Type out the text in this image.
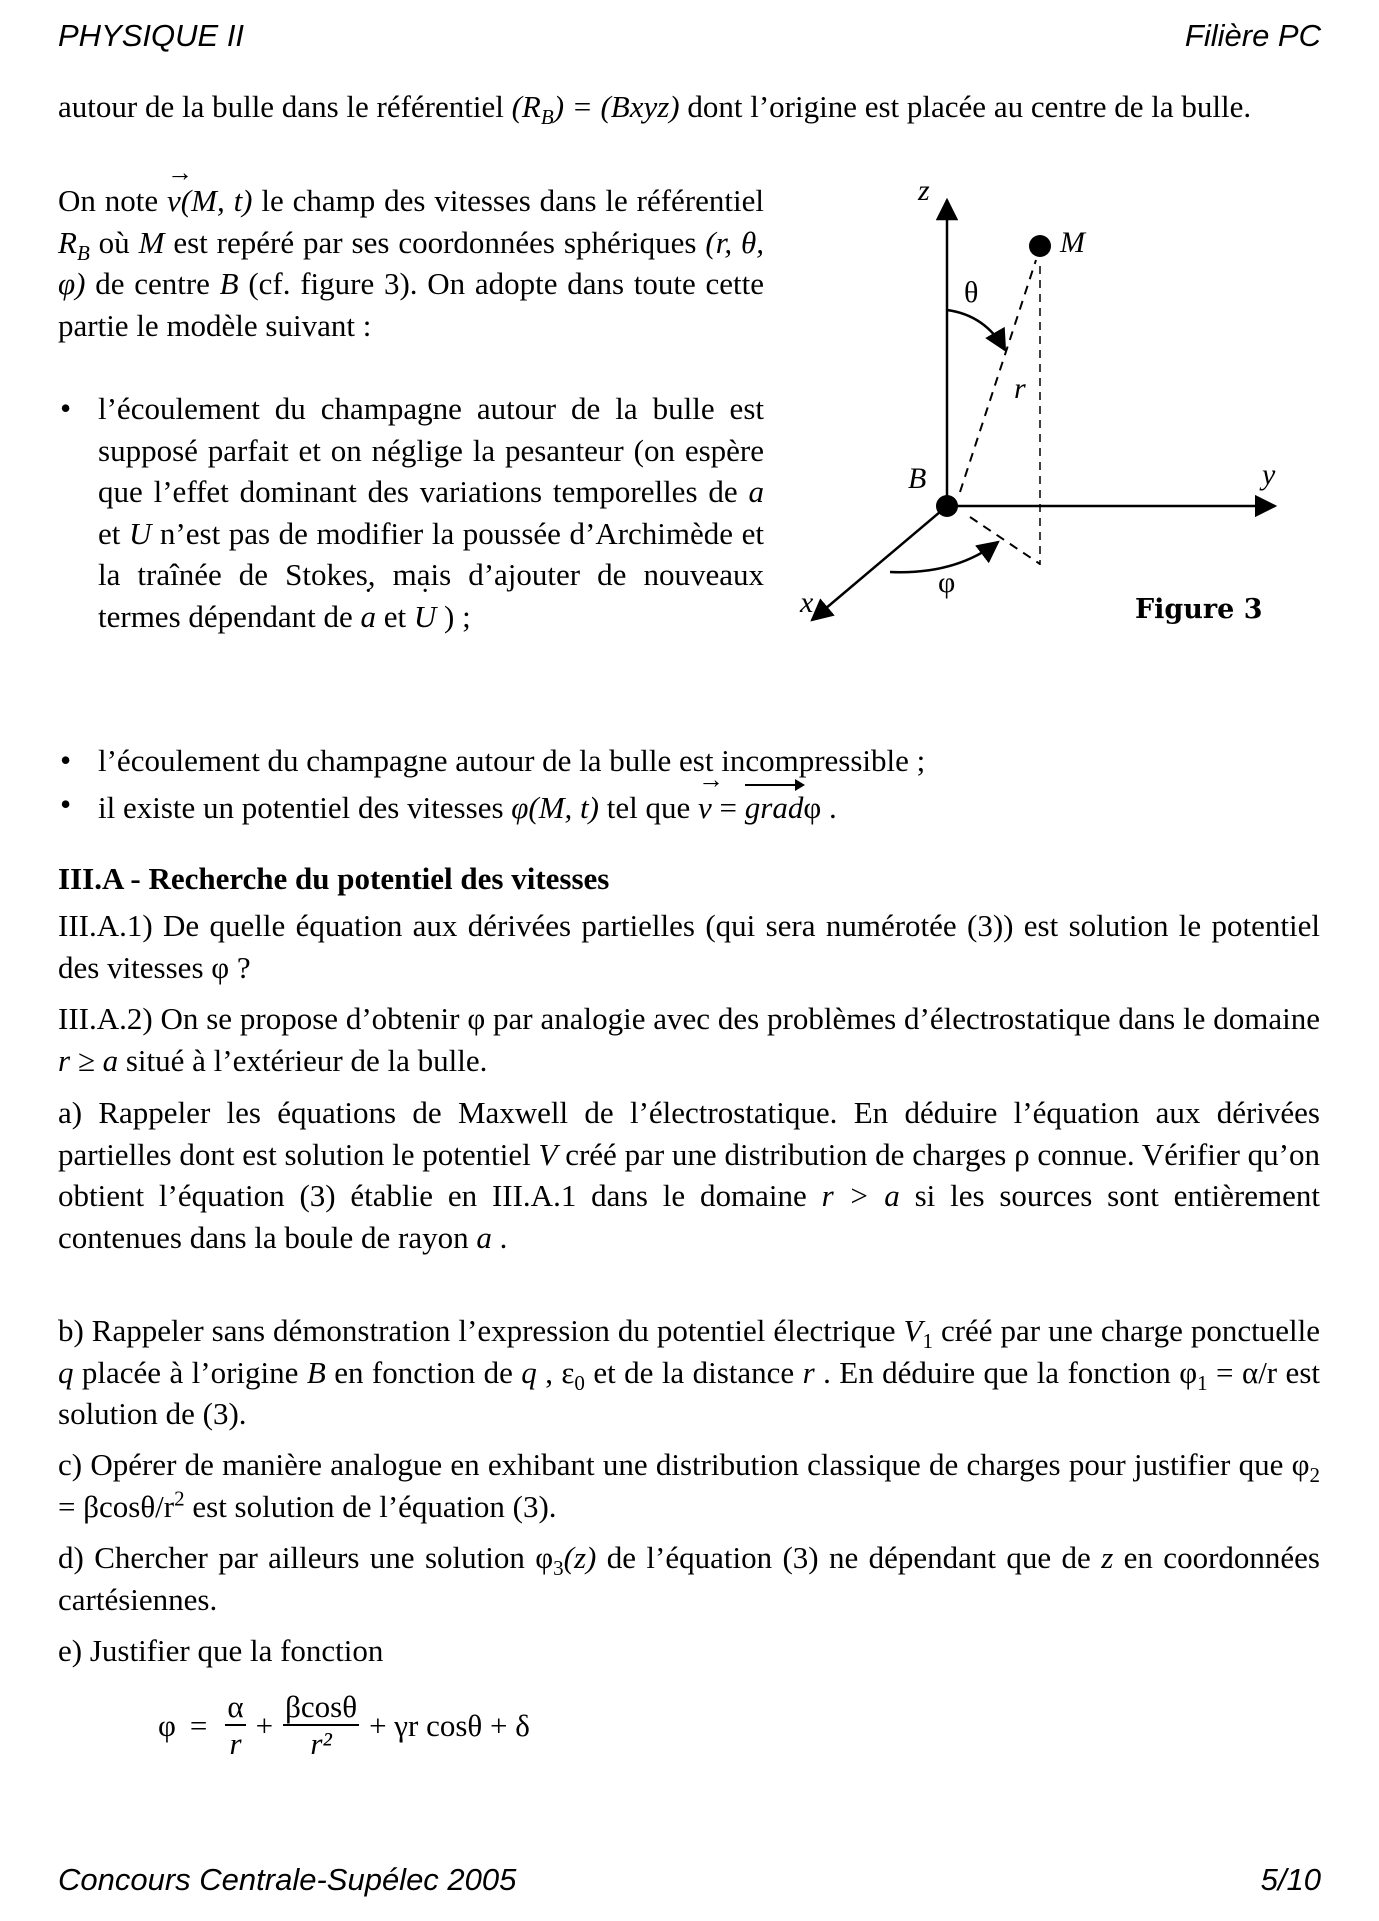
PHYSIQUE II	Filière PC
autour de la bulle dans le référentiel $(R_B)$ = (Bxyz) dont l’origine est placée au centre de la bulle.
On note → v(M, t) le champ des vitesses dans le référentiel $R_B$ où M est repéré par ses coordonnées sphériques (r, θ, φ) de centre B (cf. figure 3). On adopte dans toute cette partie le modèle suivant :
• l’écoulement du champagne autour de la bulle est supposé parfait et on néglige la pesanteur (on espère que l’effet dominant des variations temporelles de a et U n’est pas de modifier la poussée d’Archimède et la traînée de Stokes, mais d’ajouter de nouveaux termes dépendant de ˙ a et ˙ U ) ;
• l’écoulement du champagne autour de la bulle est incompressible ;
• il existe un potentiel des vitesses φ(M, t) tel que → v = gradφ .
III.A - Recherche du potentiel des vitesses
III.A.1) De quelle équation aux dérivées partielles (qui sera numérotée (3)) est solution le potentiel des vitesses φ ?
III.A.2) On se propose d’obtenir φ par analogie avec des problèmes d’électrostatique dans le domaine r ≥ a situé à l’extérieur de la bulle.
a) Rappeler les équations de Maxwell de l’électrostatique. En déduire l’équation aux dérivées partielles dont est solution le potentiel V créé par une distribution de charges ρ connue. Vérifier qu’on obtient l’équation (3) établie en III.A.1 dans le domaine r > a si les sources sont entièrement contenues dans la boule de rayon a .
b) Rappeler sans démonstration l’expression du potentiel électrique $V_1$ créé par une charge ponctuelle q placée à l’origine B en fonction de q , $\varepsilon_0$ et de la distance r . En déduire que la fonction $\varphi_1 = \alpha/r$ est solution de (3).
c) Opérer de manière analogue en exhibant une distribution classique de charges pour justifier que $\varphi_2 = \beta\cos\theta/r^2$ est solution de l’équation (3).
d) Chercher par ailleurs une solution $\varphi_3(z)$ de l’équation (3) ne dépendant que de z en coordonnées cartésiennes.
e) Justifier que la fonction
$\varphi = \frac{\alpha}{r} + \frac{\beta\cos\theta}{\text{r²}} + \gamma r$ cosθ + δ
z
M
θ
r
B	y
φ
x	Figure 3
Concours Centrale-Supélec 2005	5/10
